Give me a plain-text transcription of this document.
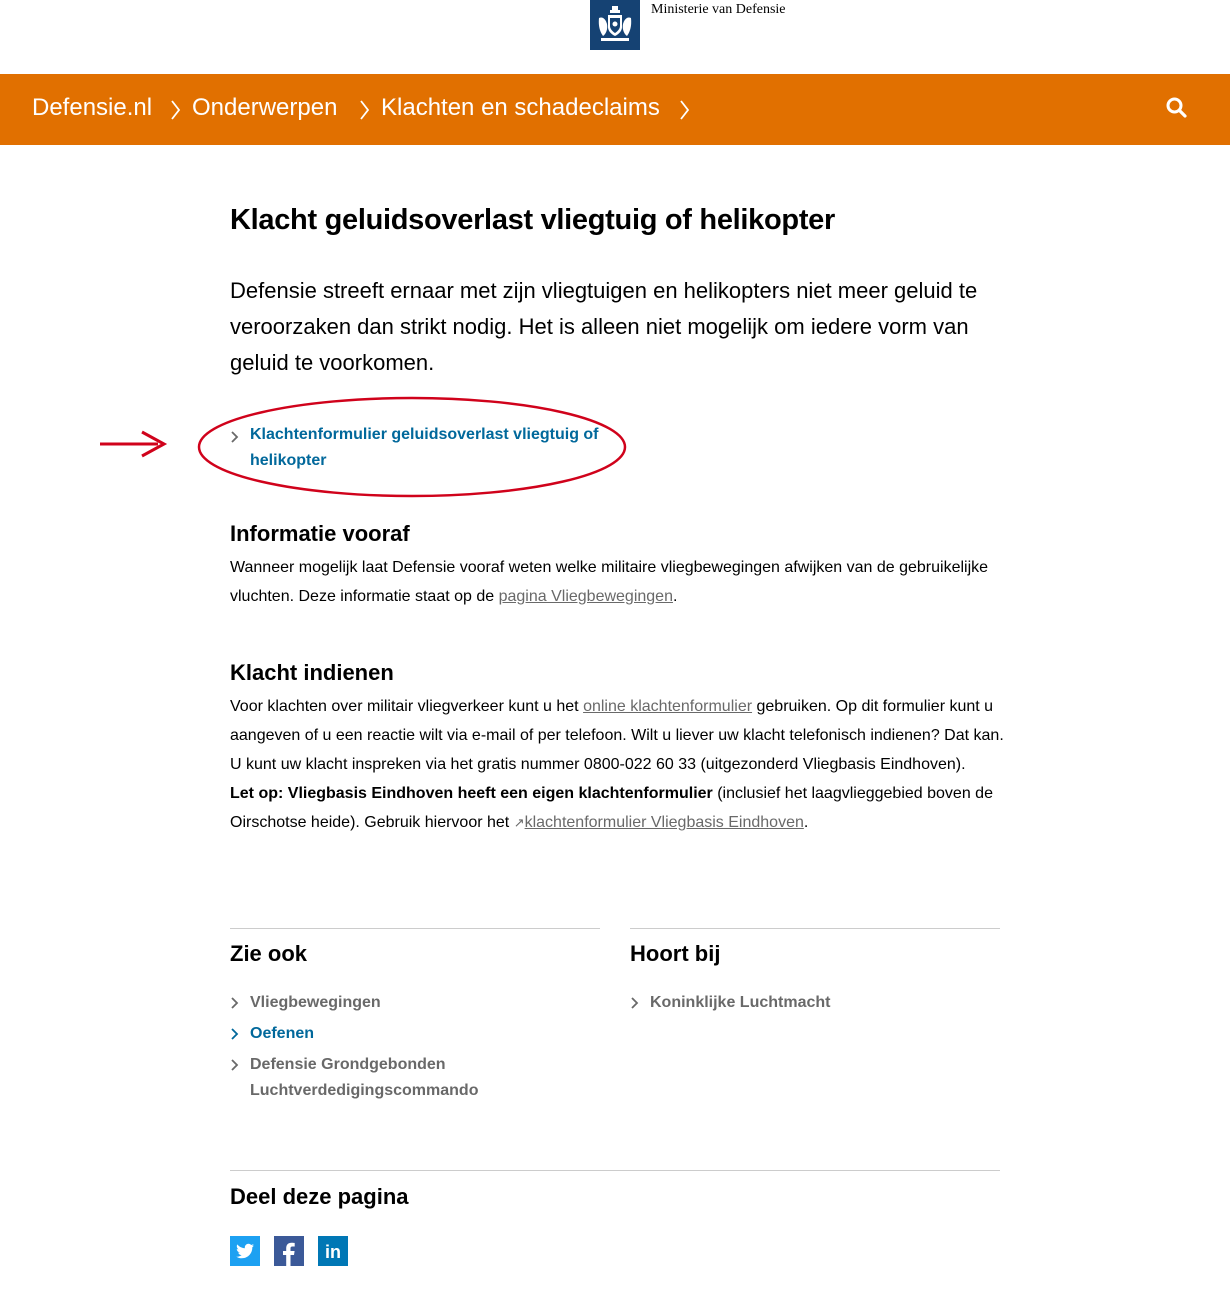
Ministerie van Defensie
Defensie.nl Onderwerpen Klachten en schadeclaims
Klacht geluidsoverlast vliegtuig of helikopter

Defensie streeft ernaar met zijn vliegtuigen en helikopters niet meer geluid te veroorzaken dan strikt nodig. Het is alleen niet mogelijk om iedere vorm van geluid te voorkomen.

Klachtenformulier geluidsoverlast vliegtuig of helikopter
Informatie vooraf

Wanneer mogelijk laat Defensie vooraf weten welke militaire vliegbewegingen afwijken van de gebruikelijke vluchten. Deze informatie staat op de pagina Vliegbewegingen.

Klacht indienen

Voor klachten over militair vliegverkeer kunt u het online klachtenformulier gebruiken. Op dit formulier kunt u aangeven of u een reactie wilt via e-mail of per telefoon. Wilt u liever uw klacht telefonisch indienen? Dat kan. U kunt uw klacht inspreken via het gratis nummer 0800-022 60 33 (uitgezonderd Vliegbasis Eindhoven).
Let op: Vliegbasis Eindhoven heeft een eigen klachtenformulier (inclusief het laagvlieggebied boven de Oirschotse heide). Gebruik hiervoor het ↗klachtenformulier Vliegbasis Eindhoven.

Zie ook	Hoort bij
Vliegbewegingen
Oefenen
Defensie Grondgebonden Luchtverdedigingscommando
Koninklijke Luchtmacht
Deel deze pagina
in
